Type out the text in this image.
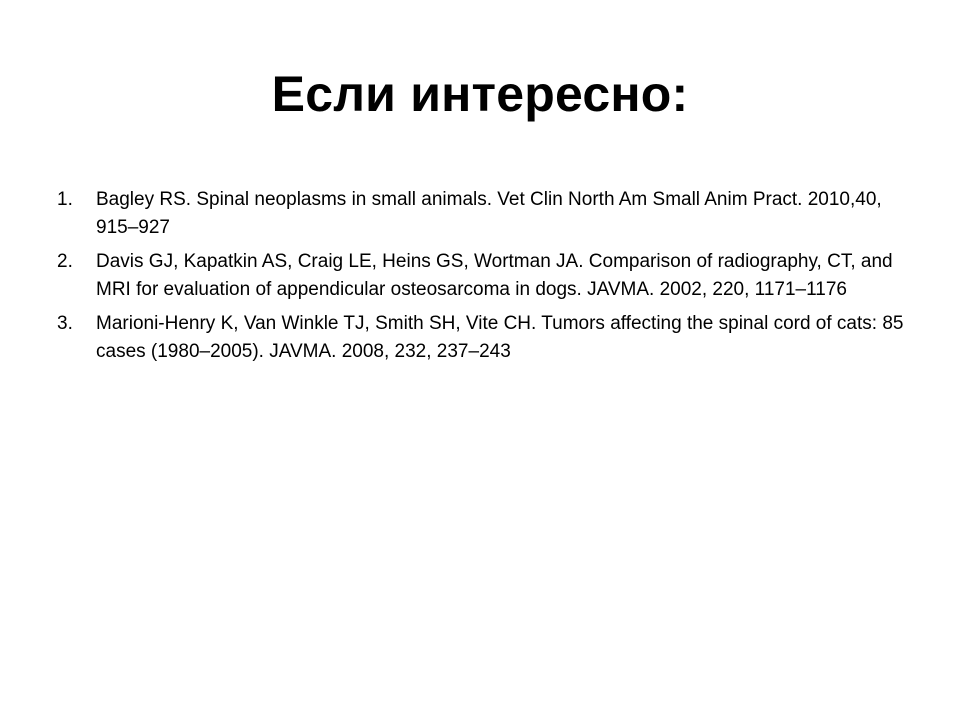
Если интересно:
1. Bagley RS. Spinal neoplasms in small animals. Vet Clin North Am Small Anim Pract. 2010,40, 915–927
2. Davis GJ, Kapatkin AS, Craig LE, Heins GS, Wortman JA. Comparison of radiography, CT, and MRI for evaluation of appendicular osteosarcoma in dogs. JAVMA. 2002, 220, 1171–1176
3. Marioni-Henry K, Van Winkle TJ, Smith SH, Vite CH. Tumors affecting the spinal cord of cats: 85 cases (1980–2005). JAVMA. 2008, 232, 237–243
